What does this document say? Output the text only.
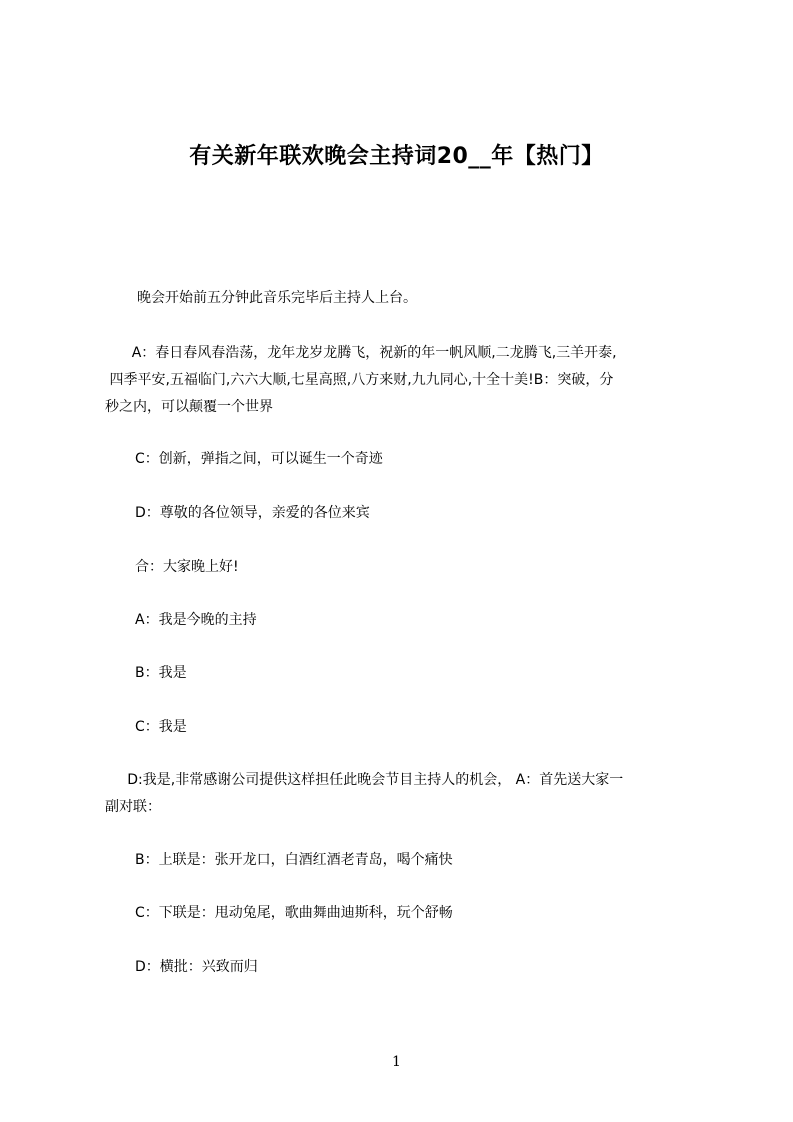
有关新年联欢晚会主持词20__年【热门】
晚会开始前五分钟此音乐完毕后主持人上台。
A：春日春风春浩荡，龙年龙岁龙腾飞，祝新的年一帆风顺,二龙腾飞,三羊开泰,
四季平安,五福临门,六六大顺,七星高照,八方来财,九九同心,十全十美!B：突破，分
秒之内，可以颠覆一个世界
C：创新，弹指之间，可以诞生一个奇迹
D：尊敬的各位领导，亲爱的各位来宾
合：大家晚上好!
A：我是今晚的主持
B：我是
C：我是
D:我是,非常感谢公司提供这样担任此晚会节目主持人的机会， A：首先送大家一
副对联：
B：上联是：张开龙口，白酒红酒老青岛，喝个痛快
C：下联是：甩动兔尾，歌曲舞曲迪斯科，玩个舒畅
D：横批：兴致而归
1
